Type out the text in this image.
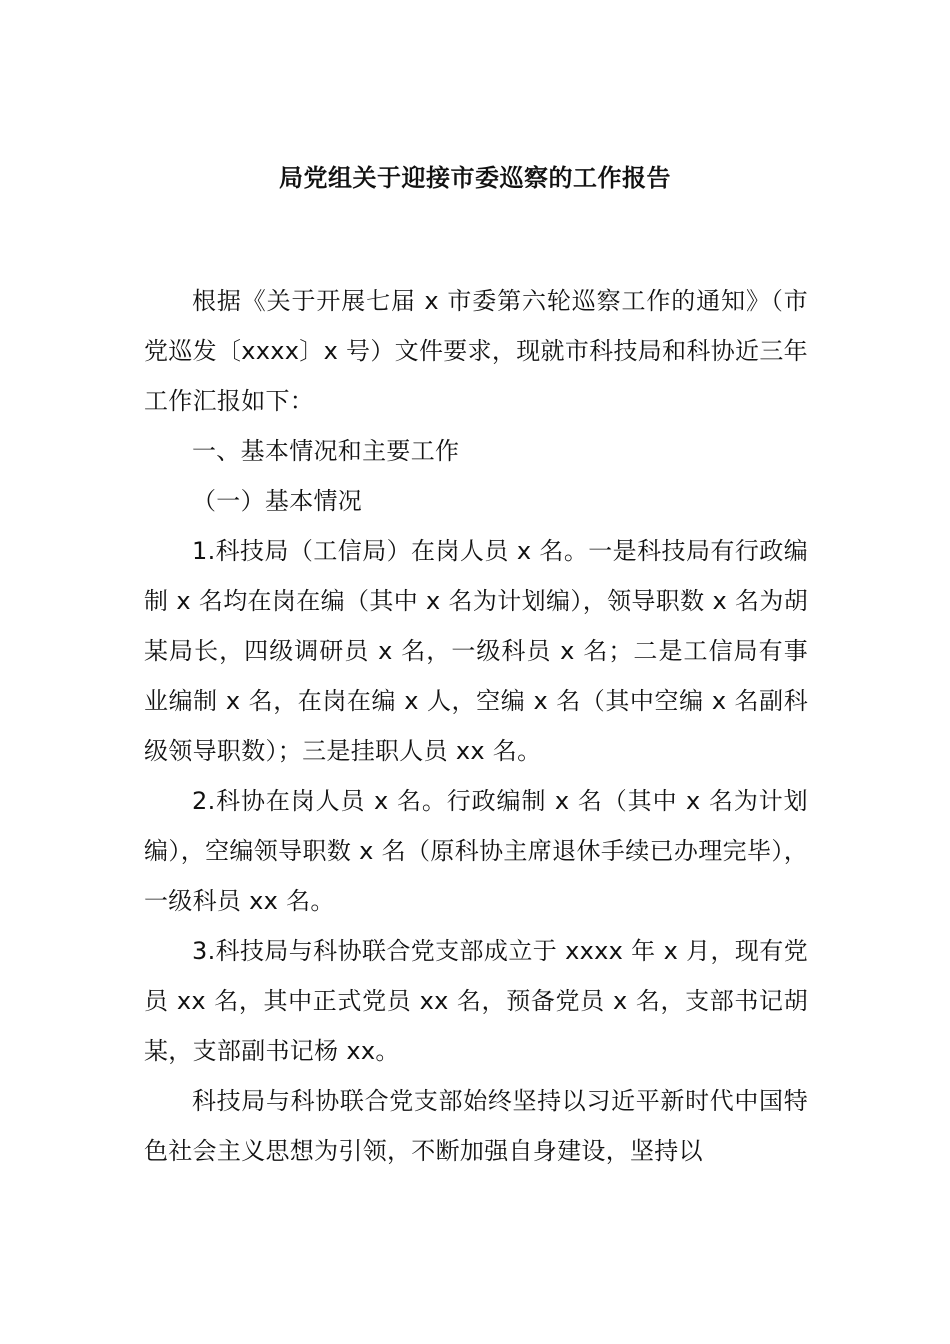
局党组关于迎接市委巡察的工作报告

根据《关于开展七届 x 市委第六轮巡察工作的通知》（市党巡发〔xxxx〕x 号）文件要求，现就市科技局和科协近三年工作汇报如下：

一、基本情况和主要工作

（一）基本情况

1.科技局（工信局）在岗人员 x 名。一是科技局有行政编制 x 名均在岗在编（其中 x 名为计划编），领导职数 x 名为胡某局长，四级调研员 x 名，一级科员 x 名；二是工信局有事业编制 x 名，在岗在编 x 人，空编 x 名（其中空编 x 名副科级领导职数）；三是挂职人员 xx 名。

2.科协在岗人员 x 名。行政编制 x 名（其中 x 名为计划编），空编领导职数 x 名（原科协主席退休手续已办理完毕），一级科员 xx 名。

3.科技局与科协联合党支部成立于 xxxx 年 x 月，现有党员 xx 名，其中正式党员 xx 名，预备党员 x 名，支部书记胡某，支部副书记杨 xx。

科技局与科协联合党支部始终坚持以习近平新时代中国特色社会主义思想为引领，不断加强自身建设，坚持以
